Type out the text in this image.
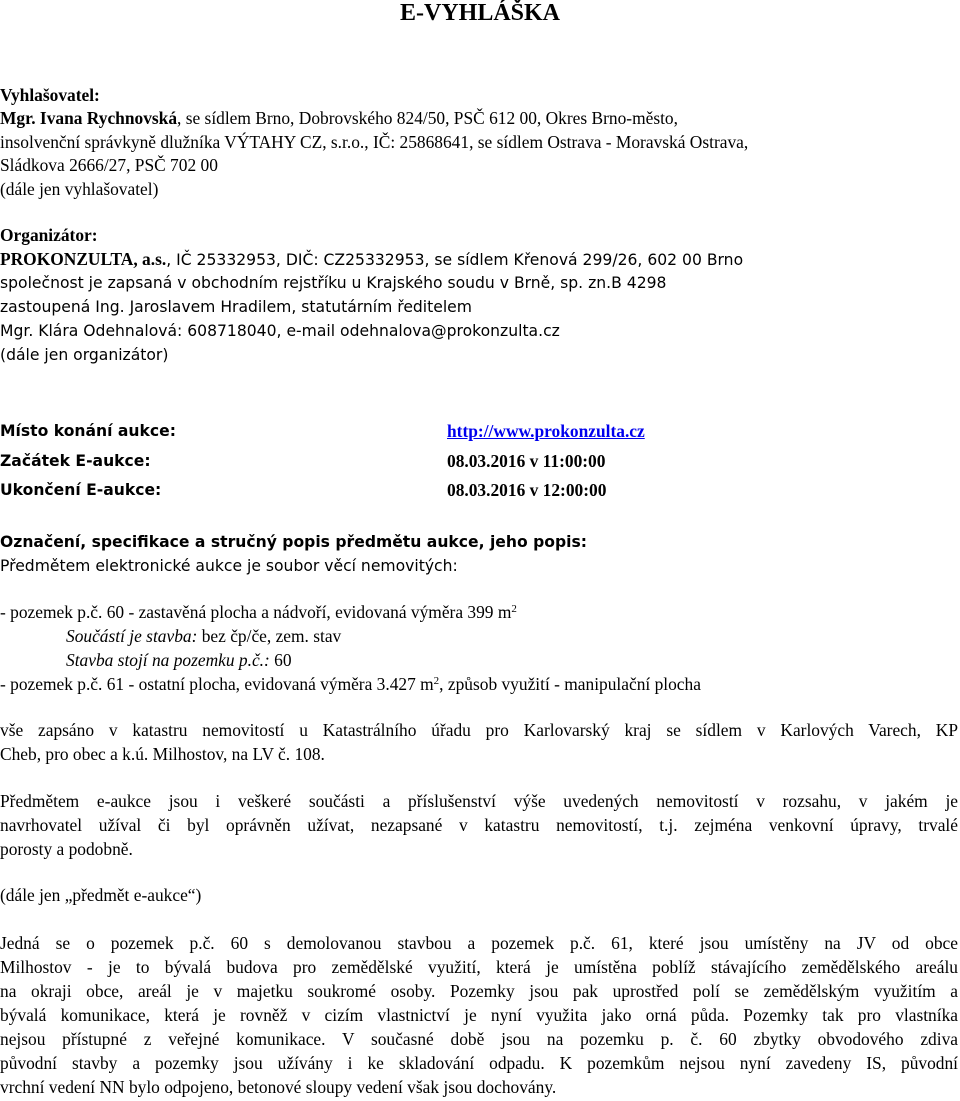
E-VYHLÁŠKA
Vyhlašovatel:
Mgr. Ivana Rychnovská, se sídlem Brno, Dobrovského 824/50, PSČ 612 00, Okres Brno-město,
insolvenční správkyně dlužníka VÝTAHY CZ, s.r.o., IČ: 25868641, se sídlem Ostrava - Moravská Ostrava,
Sládkova 2666/27, PSČ 702 00
(dále jen vyhlašovatel)
Organizátor:
PROKONZULTA, a.s., IČ 25332953, DIČ: CZ25332953, se sídlem Křenová 299/26, 602 00 Brno
společnost je zapsaná v obchodním rejstříku u Krajského soudu v Brně, sp. zn.B 4298
zastoupená Ing. Jaroslavem Hradilem, statutárním ředitelem
Mgr. Klára Odehnalová: 608718040, e-mail odehnalova@prokonzulta.cz
(dále jen organizátor)
Místo konání aukce:	http://www.prokonzulta.cz
Začátek E-aukce:	08.03.2016 v 11:00:00
Ukončení E-aukce:	08.03.2016 v 12:00:00
Označení, specifikace a stručný popis předmětu aukce, jeho popis:
Předmětem elektronické aukce je soubor věcí nemovitých:
- pozemek p.č. 60 - zastavěná plocha a nádvoří, evidovaná výměra 399 $m^2$
Součástí je stavba: bez čp/če, zem. stav
Stavba stojí na pozemku p.č.: 60
- pozemek p.č. 61 - ostatní plocha, evidovaná výměra 3.427 $m^2$, způsob využití - manipulační plocha
vše zapsáno v katastru nemovitostí u Katastrálního úřadu pro Karlovarský kraj se sídlem v Karlových Varech, KP
Cheb, pro obec a k.ú. Milhostov, na LV č. 108.
Předmětem e-aukce jsou i veškeré součásti a příslušenství výše uvedených nemovitostí v rozsahu, v jakém je
navrhovatel užíval či byl oprávněn užívat, nezapsané v katastru nemovitostí, t.j. zejména venkovní úpravy, trvalé
porosty a podobně.
(dále jen „předmět e-aukce“)
Jedná se o pozemek p.č. 60 s demolovanou stavbou a pozemek p.č. 61, které jsou umístěny na JV od obce
Milhostov - je to bývalá budova pro zemědělské využití, která je umístěna poblíž stávajícího zemědělského areálu
na okraji obce, areál je v majetku soukromé osoby. Pozemky jsou pak uprostřed polí se zemědělským využitím a
bývalá komunikace, která je rovněž v cizím vlastnictví je nyní využita jako orná půda. Pozemky tak pro vlastníka
nejsou přístupné z veřejné komunikace. V současné době jsou na pozemku p. č. 60 zbytky obvodového zdiva
původní stavby a pozemky jsou užívány i ke skladování odpadu. K pozemkům nejsou nyní zavedeny IS, původní
vrchní vedení NN bylo odpojeno, betonové sloupy vedení však jsou dochovány.
